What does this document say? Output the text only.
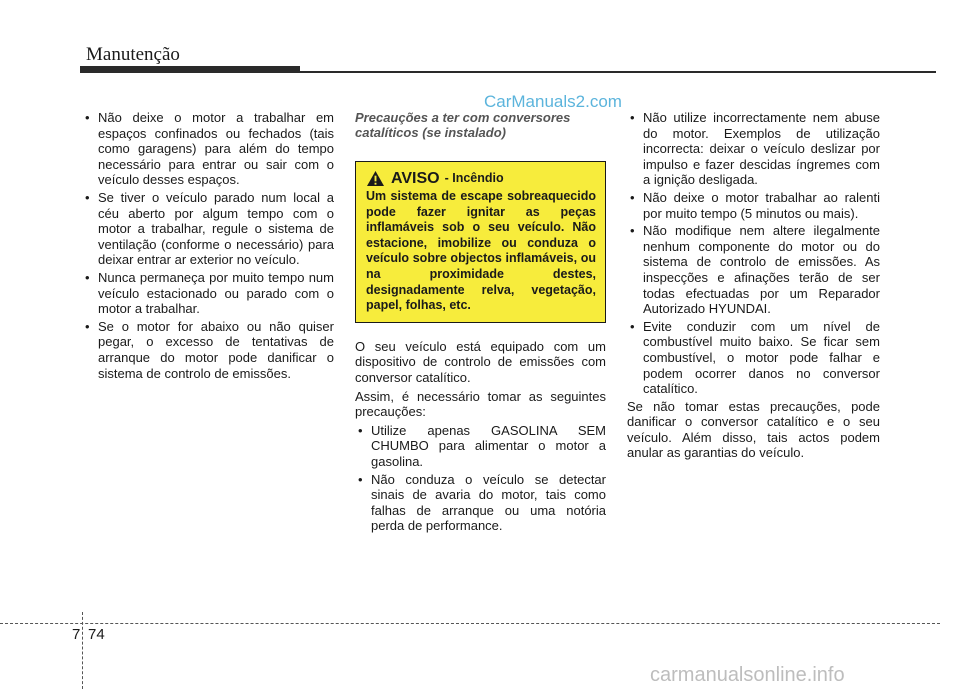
Manutenção
CarManuals2.com
• Não deixe o motor a trabalhar em espaços confinados ou fechados (tais como garagens) para além do tempo necessário para entrar ou sair com o veículo desses espaços.
• Se tiver o veículo parado num local a céu aberto por algum tempo com o motor a trabalhar, regule o sistema de ventilação (conforme o necessário) para deixar entrar ar exterior no veículo.
• Nunca permaneça por muito tempo num veículo estacionado ou parado com o motor a trabalhar.
• Se o motor for abaixo ou não quiser pegar, o excesso de tentativas de arranque do motor pode danificar o sistema de controlo de emissões.
Precauções a ter com conversores catalíticos (se instalado)
AVISO - Incêndio
Um sistema de escape sobreaquecido pode fazer ignitar as peças inflamáveis sob o seu veículo. Não estacione, imobilize ou conduza o veículo sobre objectos inflamáveis, ou na proximidade destes, designadamente relva, vegetação, papel, folhas, etc.

O seu veículo está equipado com um dispositivo de controlo de emissões com conversor catalítico.

Assim, é necessário tomar as seguintes precauções:

• Utilize apenas GASOLINA SEM CHUMBO para alimentar o motor a gasolina.
• Não conduza o veículo se detectar sinais de avaria do motor, tais como falhas de arranque ou uma notória perda de performance.
• Não utilize incorrectamente nem abuse do motor. Exemplos de utilização incorrecta: deixar o veículo deslizar por impulso e fazer descidas íngremes com a ignição desligada.
• Não deixe o motor trabalhar ao ralenti por muito tempo (5 minutos ou mais).
• Não modifique nem altere ilegalmente nenhum componente do motor ou do sistema de controlo de emissões. As inspecções e afinações terão de ser todas efectuadas por um Reparador Autorizado HYUNDAI.
• Evite conduzir com um nível de combustível muito baixo. Se ficar sem combustível, o motor pode falhar e podem ocorrer danos no conversor catalítico.

Se não tomar estas precauções, pode danificar o conversor catalítico e o seu veículo. Além disso, tais actos podem anular as garantias do veículo.

7 74
carmanualsonline.info
